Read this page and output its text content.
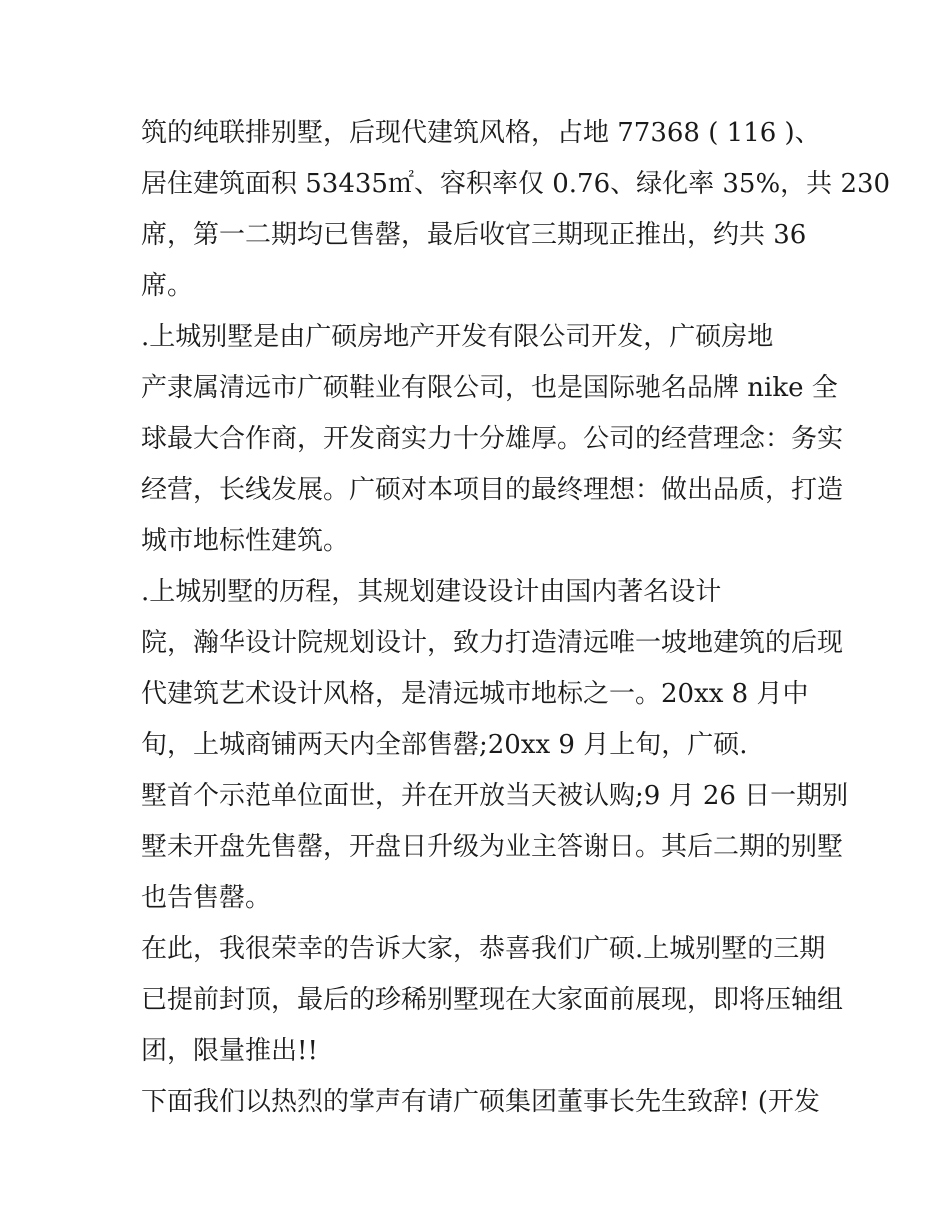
筑的纯联排别墅，后现代建筑风格，占地 77368 ( 116 )、
居住建筑面积 53435㎡、容积率仅 0.76、绿化率 35%，共 230
席，第一二期均已售罄，最后收官三期现正推出，约共 36
席。
.上城别墅是由广硕房地产开发有限公司开发，广硕房地
产隶属清远市广硕鞋业有限公司，也是国际驰名品牌 nike 全
球最大合作商，开发商实力十分雄厚。公司的经营理念：务实
经营，长线发展。广硕对本项目的最终理想：做出品质，打造
城市地标性建筑。
.上城别墅的历程，其规划建设设计由国内著名设计
院，瀚华设计院规划设计，致力打造清远唯一坡地建筑的后现
代建筑艺术设计风格，是清远城市地标之一。20xx 8 月中
旬，上城商铺两天内全部售罄;20xx 9 月上旬，广硕.
墅首个示范单位面世，并在开放当天被认购;9 月 26 日一期别
墅未开盘先售罄，开盘日升级为业主答谢日。其后二期的别墅
也告售罄。
在此，我很荣幸的告诉大家，恭喜我们广硕.上城别墅的三期
已提前封顶，最后的珍稀别墅现在大家面前展现，即将压轴组
团，限量推出!!
下面我们以热烈的掌声有请广硕集团董事长先生致辞! (开发
